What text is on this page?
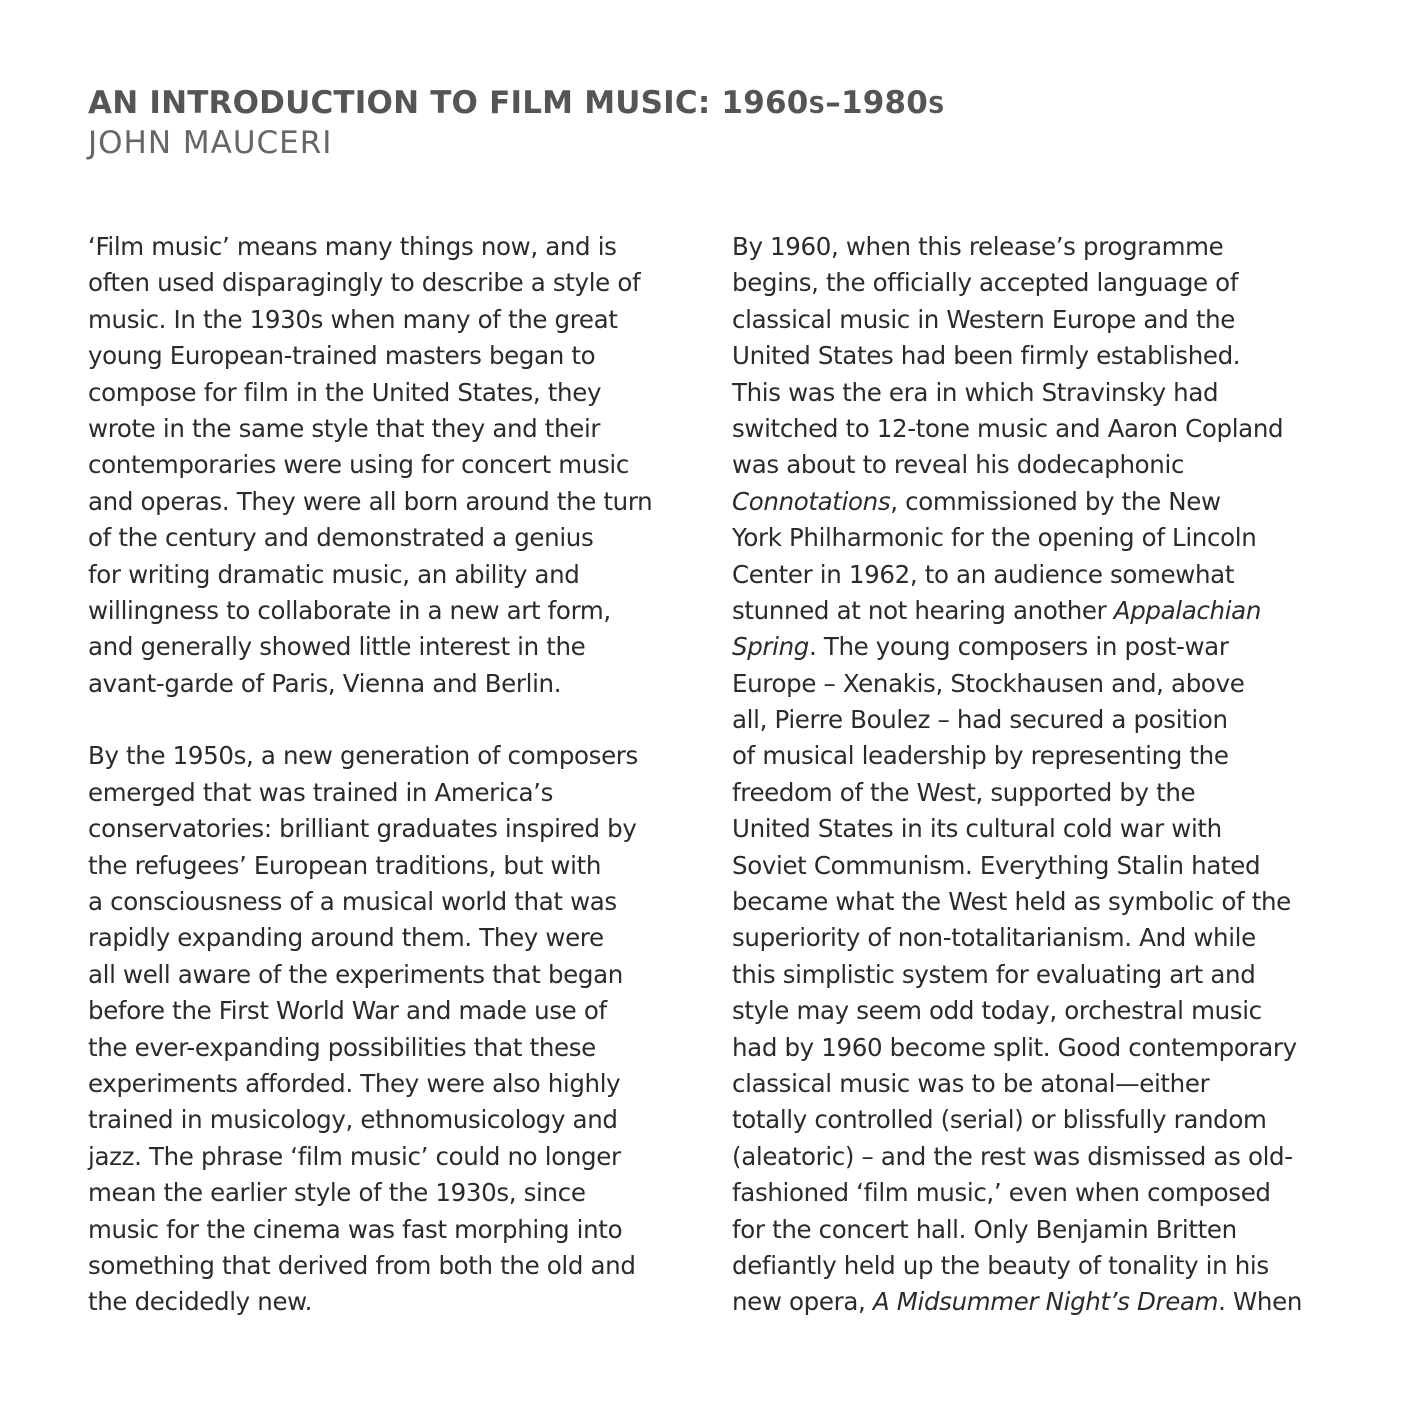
AN INTRODUCTION TO FILM MUSIC: 1960S–1980S
JOHN MAUCERI
‘Film music’ means many things now, and is
often used disparagingly to describe a style of
music. In the 1930s when many of the great
young European-trained masters began to
compose for film in the United States, they
wrote in the same style that they and their
contemporaries were using for concert music
and operas. They were all born around the turn
of the century and demonstrated a genius
for writing dramatic music, an ability and
willingness to collaborate in a new art form,
and generally showed little interest in the
avant-garde of Paris, Vienna and Berlin.
By the 1950s, a new generation of composers
emerged that was trained in America’s
conservatories: brilliant graduates inspired by
the refugees’ European traditions, but with
a consciousness of a musical world that was
rapidly expanding around them. They were
all well aware of the experiments that began
before the First World War and made use of
the ever-expanding possibilities that these
experiments afforded. They were also highly
trained in musicology, ethnomusicology and
jazz. The phrase ‘film music’ could no longer
mean the earlier style of the 1930s, since
music for the cinema was fast morphing into
something that derived from both the old and
the decidedly new.
By 1960, when this release’s programme
begins, the officially accepted language of
classical music in Western Europe and the
United States had been firmly established.
This was the era in which Stravinsky had
switched to 12-tone music and Aaron Copland
was about to reveal his dodecaphonic
Connotations, commissioned by the New
York Philharmonic for the opening of Lincoln
Center in 1962, to an audience somewhat
stunned at not hearing another Appalachian
Spring. The young composers in post-war
Europe – Xenakis, Stockhausen and, above
all, Pierre Boulez – had secured a position
of musical leadership by representing the
freedom of the West, supported by the
United States in its cultural cold war with
Soviet Communism. Everything Stalin hated
became what the West held as symbolic of the
superiority of non-totalitarianism. And while
this simplistic system for evaluating art and
style may seem odd today, orchestral music
had by 1960 become split. Good contemporary
classical music was to be atonal—either
totally controlled (serial) or blissfully random
(aleatoric) – and the rest was dismissed as old-
fashioned ‘film music,’ even when composed
for the concert hall. Only Benjamin Britten
defiantly held up the beauty of tonality in his
new opera, A Midsummer Night’s Dream. When
